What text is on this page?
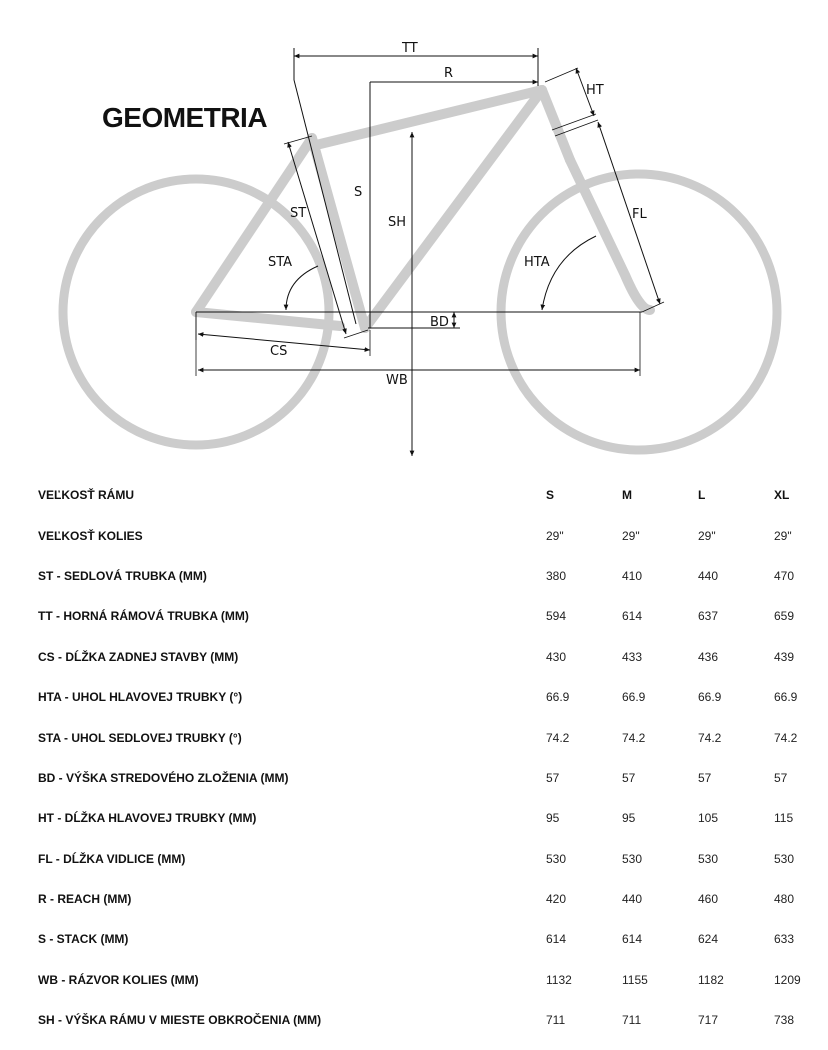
TT
R
HT
S
ST
SH
STA	HTA
FL
BD
CS
WB
GEOMETRIA
VEĽKOSŤ RÁMU	S	M	L	XL
VEĽKOSŤ KOLIES	29"	29"	29"	29"
ST - SEDLOVÁ TRUBKA (MM)	380	410	440	470
TT - HORNÁ RÁMOVÁ TRUBKA (MM)	594	614	637	659
CS - DĹŽKA ZADNEJ STAVBY (MM)	430	433	436	439
HTA - UHOL HLAVOVEJ TRUBKY (°)	66.9	66.9	66.9	66.9
STA - UHOL SEDLOVEJ TRUBKY (°)	74.2	74.2	74.2	74.2
BD - VÝŠKA STREDOVÉHO ZLOŽENIA (MM)	57	57	57	57
HT - DĹŽKA HLAVOVEJ TRUBKY (MM)	95	95	105	115
FL - DĹŽKA VIDLICE (MM)	530	530	530	530
R - REACH (MM)	420	440	460	480
S - STACK (MM)	614	614	624	633
WB - RÁZVOR KOLIES (MM)	1132	1155	1182	1209
SH - VÝŠKA RÁMU V MIESTE OBKROČENIA (MM)	711	711	717	738
